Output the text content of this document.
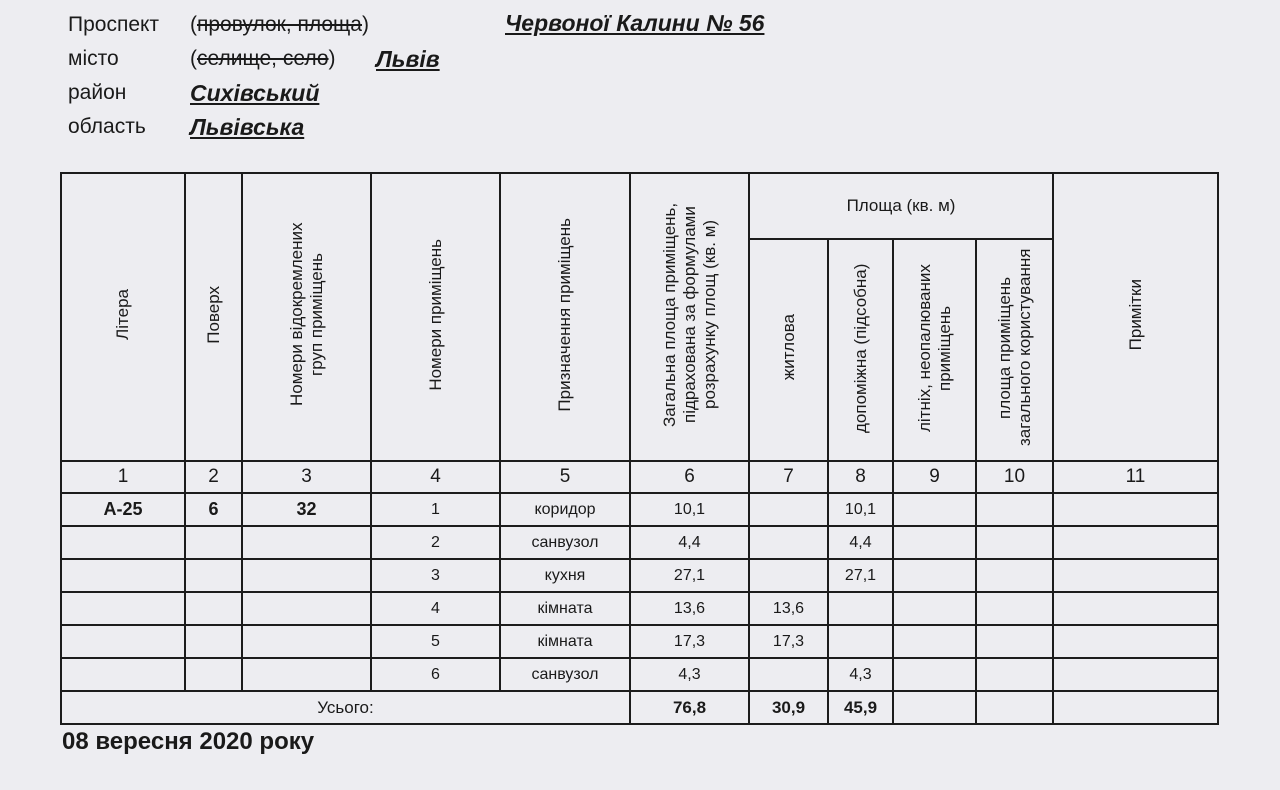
Проспект (провулок, площа)	Червоної Калини № 56
місто	(селище, село) Львів
район	Сихівський
область Львівська
Літера	Поверх	Номери відокремлених груп приміщень	Номери приміщень	Призначення приміщень	Загальна площа приміщень, підрахована за формулами розрахунку площ (кв. м)	Площа (кв. м)				Примітки
						житлова	допоміжна (підсобна)	літніх, неопалюваних приміщень	площа приміщень загального користування	
1	2	3	4	5	6	7	8	9	10	11
А-25	6	32	1	коридор	10,1		10,1			
			2	санвузол	4,4		4,4			
			3	кухня	27,1		27,1			
			4	кімната	13,6	13,6				
			5	кімната	17,3	17,3				
			6	санвузол	4,3		4,3			
Усього:					76,8	30,9	45,9			
08 вересня 2020 року
